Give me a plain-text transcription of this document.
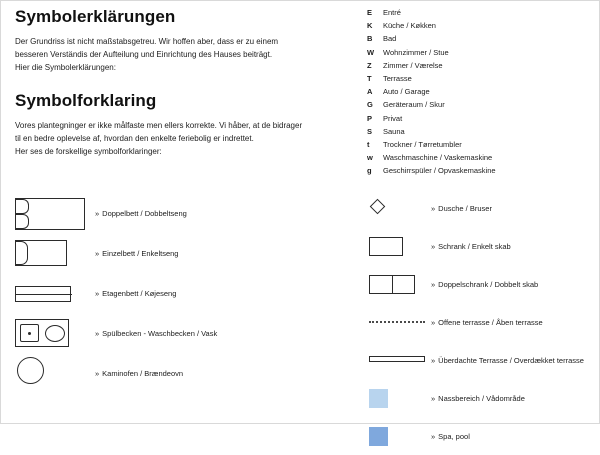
Symbolerklärungen

Der Grundriss ist nicht maßstabsgetreu. Wir hoffen aber, dass er zu einem
besseren Verständis der Aufteilung und Einrichtung des Hauses beiträgt.
Hier die Symbolerklärungen:

Symbolforklaring

Vores plantegninger er ikke målfaste men ellers korrekte. Vi håber, at de bidrager
til en bedre oplevelse af, hvordan den enkelte feriebolig er indrettet.
Her ses de forskellige symbolforklaringer:

» Doppelbett / Dobbeltseng
» Einzelbett / Enkeltseng
» Etagenbett / Køjeseng
» Spülbecken - Waschbecken / Vask
» Kaminofen / Brændeovn
E	Entré
K	Küche / Køkken
B	Bad
W	Wohnzimmer / Stue
Z	Zimmer / Værelse
T	Terrasse
A	Auto / Garage
G	Geräteraum / Skur
P	Privat
S	Sauna
t	Trockner / Tørretumbler
w	Waschmaschine / Vaskemaskine
g	Geschirrspüler / Opvaskemaskine
» Dusche / Bruser
» Schrank / Enkelt skab
» Doppelschrank / Dobbelt skab
» Offene terrasse / Åben terrasse
» Überdachte Terrasse / Overdækket terrasse
» Nassbereich / Vådområde
» Spa, pool
